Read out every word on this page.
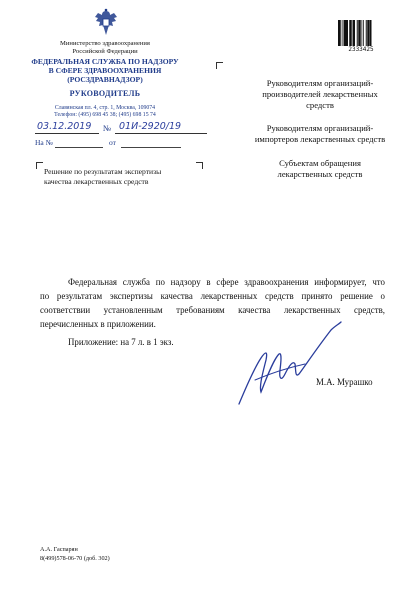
Министерство здравоохранения
Российской Федерации
ФЕДЕРАЛЬНАЯ СЛУЖБА ПО НАДЗОРУ
В СФЕРЕ ЗДРАВООХРАНЕНИЯ
(РОСЗДРАВНАДЗОР)
РУКОВОДИТЕЛЬ
Славянская пл. 4, стр. 1, Москва, 109074
Телефон: (495) 698 45 38; (495) 698 15 74
03.12.2019 № 01И-2920/19
На №	от
Решение по результатам экспертизы
качества лекарственных средств
2333425
Руководителям организаций-
производителей лекарственных
средств
Руководителям организаций-
импортеров лекарственных средств
Субъектам обращения
лекарственных средств
Федеральная служба по надзору в сфере здравоохранения информирует, что
по результатам экспертизы качества лекарственных средств принято решение о
соответствии установленным требованиям качества лекарственных средств,
перечисленных в приложении.
Приложение: на 7 л. в 1 экз.
М.А. Мурашко
А.А. Гаспарян
8(499)578-06-70 (доб. 302)
